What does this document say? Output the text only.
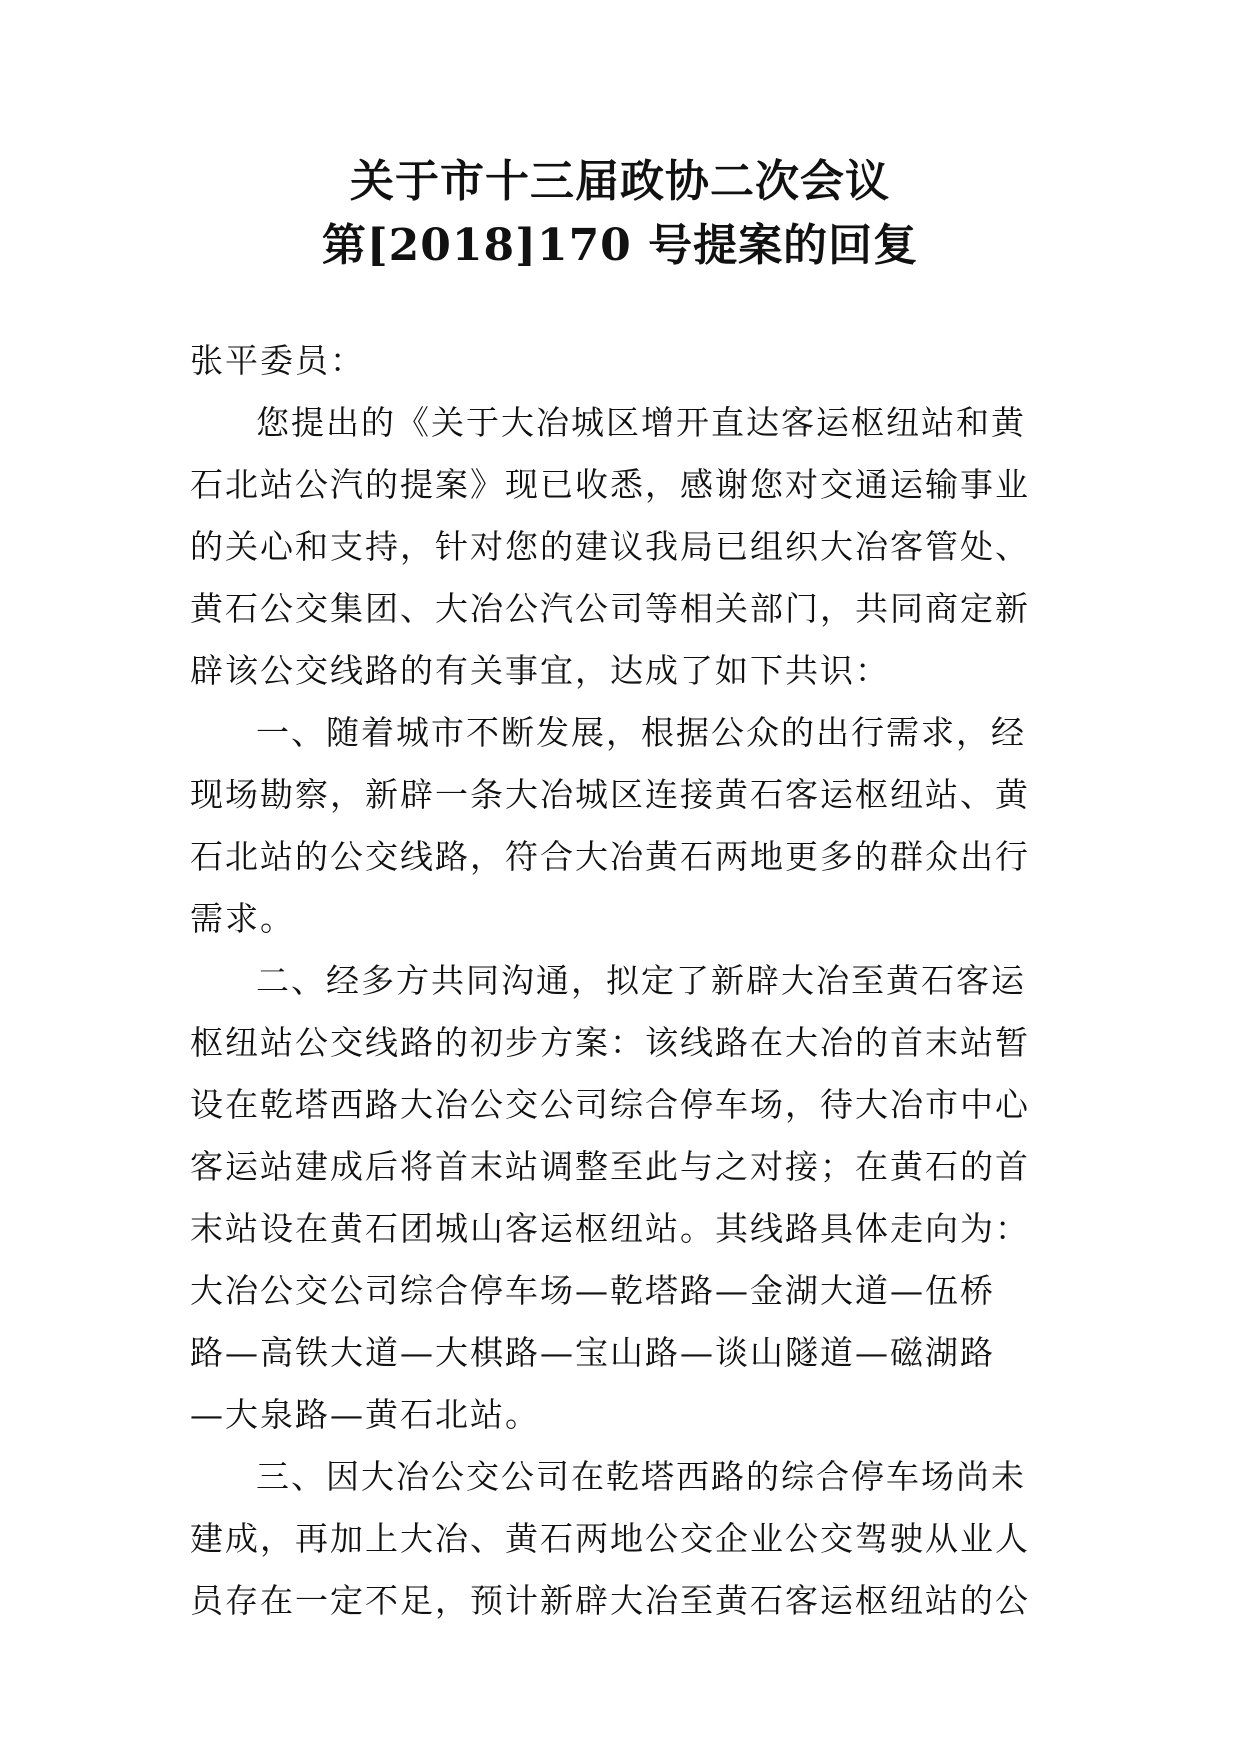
关于市十三届政协二次会议
第[2018]170 号提案的回复
张平委员：
您提出的《关于大冶城区增开直达客运枢纽站和黄
石北站公汽的提案》现已收悉，感谢您对交通运输事业
的关心和支持，针对您的建议我局已组织大冶客管处、
黄石公交集团、大冶公汽公司等相关部门，共同商定新
辟该公交线路的有关事宜，达成了如下共识：
一、随着城市不断发展，根据公众的出行需求，经
现场勘察，新辟一条大冶城区连接黄石客运枢纽站、黄
石北站的公交线路，符合大冶黄石两地更多的群众出行
需求。
二、经多方共同沟通，拟定了新辟大冶至黄石客运
枢纽站公交线路的初步方案：该线路在大冶的首末站暂
设在乾塔西路大冶公交公司综合停车场，待大冶市中心
客运站建成后将首末站调整至此与之对接；在黄石的首
末站设在黄石团城山客运枢纽站。其线路具体走向为：
大冶公交公司综合停车场—乾塔路—金湖大道—伍桥
路—高铁大道—大棋路—宝山路—谈山隧道—磁湖路
—大泉路—黄石北站。
三、因大冶公交公司在乾塔西路的综合停车场尚未
建成，再加上大冶、黄石两地公交企业公交驾驶从业人
员存在一定不足，预计新辟大冶至黄石客运枢纽站的公
